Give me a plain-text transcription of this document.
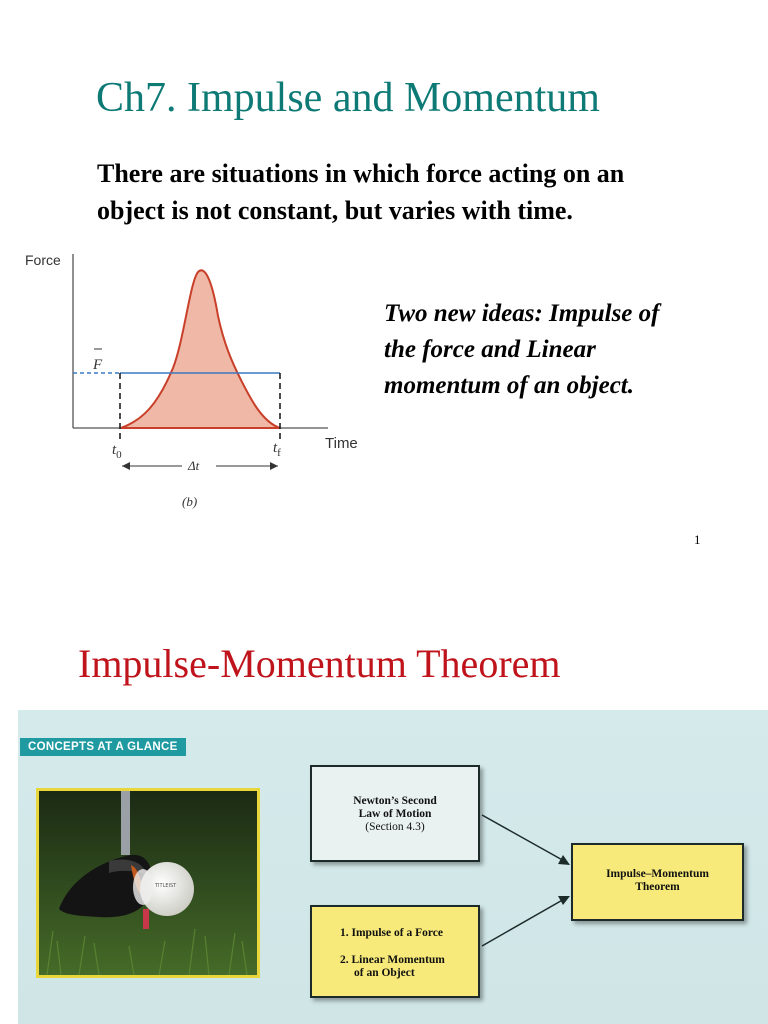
Ch7. Impulse and Momentum
There are situations in which force acting on an
object is not constant, but varies with time.
Force
Time
F
$t_0$	$t_f$
Δt
(b)
Two new ideas: Impulse of
the force and Linear
momentum of an object.
1
Impulse-Momentum Theorem
CONCEPTS AT A GLANCE
TITLEIST
Newton’s Second
Law of Motion
(Section 4.3)
1. Impulse of a Force
2. Linear Momentum
of an Object
Impulse–Momentum
Theorem
